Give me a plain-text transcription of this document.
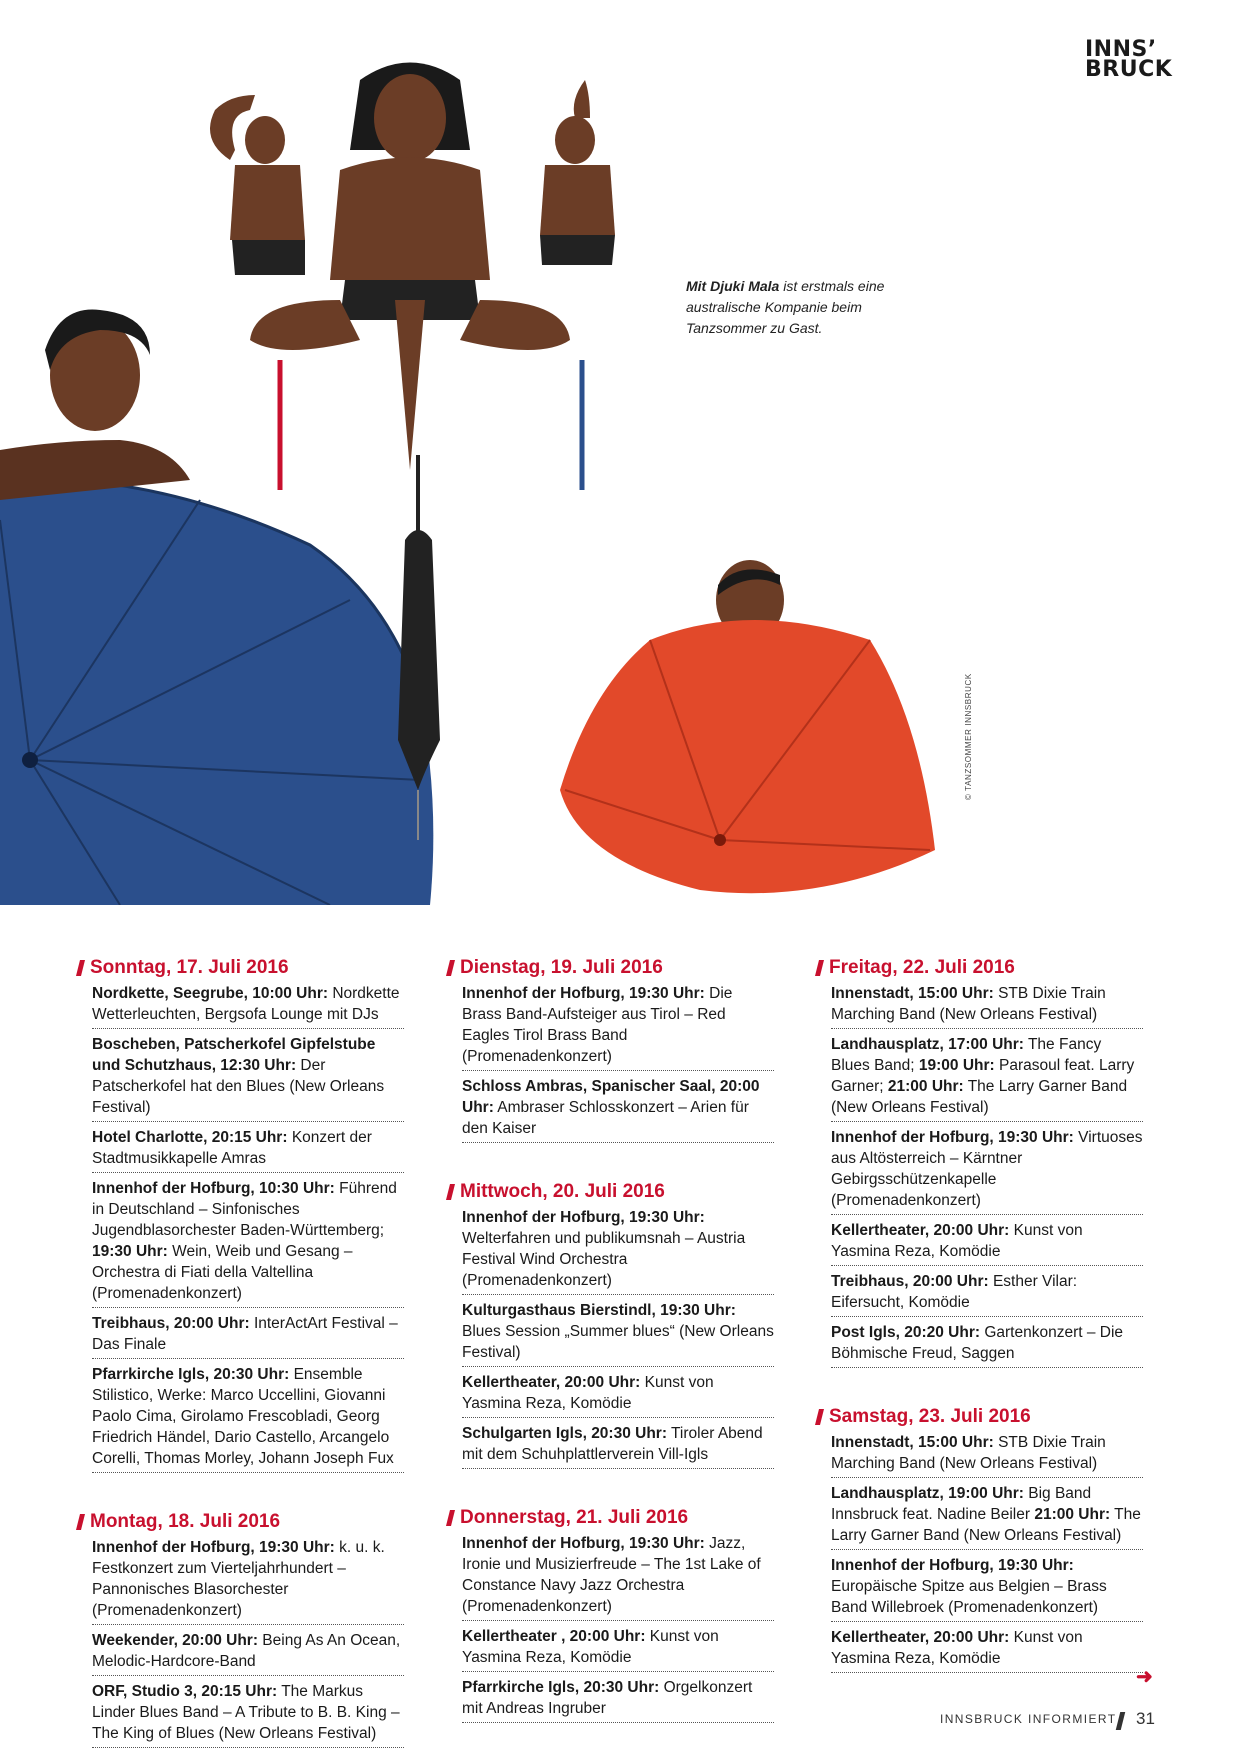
Mit Djuki Mala ist erstmals eine australische Kompanie beim Tanzsommer zu Gast.
© TANZSOMMER INNSBRUCK
INNS’
BRUCK
Sonntag, 17. Juli 2016
Nordkette, Seegrube, 10:00 Uhr: Nordkette Wetterleuchten, Bergsofa Lounge mit DJs
Boscheben, Patscherkofel Gipfelstube und Schutzhaus, 12:30 Uhr: Der Patscherkofel hat den Blues (New Orleans Festival)
Hotel Charlotte, 20:15 Uhr: Konzert der Stadtmusikkapelle Amras
Innenhof der Hofburg, 10:30 Uhr: Führend in Deutschland – Sinfonisches Jugendblasorchester Baden-Württemberg; 19:30 Uhr: Wein, Weib und Gesang – Orchestra di Fiati della Valtellina (Promenadenkonzert)
Treibhaus, 20:00 Uhr: InterActArt Festival – Das Finale
Pfarrkirche Igls, 20:30 Uhr: Ensemble Stilistico, Werke: Marco Uccellini, Giovanni Paolo Cima, Girolamo Frescobladi, Georg Friedrich Händel, Dario Castello, Arcangelo Corelli, Thomas Morley, Johann Joseph Fux
Montag, 18. Juli 2016
Innenhof der Hofburg, 19:30 Uhr: k. u. k. Festkonzert zum Vierteljahrhundert – Pannonisches Blasorchester (Promenadenkonzert)
Weekender, 20:00 Uhr: Being As An Ocean, Melodic-Hardcore-Band
ORF, Studio 3, 20:15 Uhr: The Markus Linder Blues Band – A Tribute to B. B. King – The King of Blues (New Orleans Festival)
Dienstag, 19. Juli 2016
Innenhof der Hofburg, 19:30 Uhr: Die Brass Band-Aufsteiger aus Tirol – Red Eagles Tirol Brass Band (Promenadenkonzert)
Schloss Ambras, Spanischer Saal, 20:00 Uhr: Ambraser Schlosskonzert – Arien für den Kaiser
Mittwoch, 20. Juli 2016
Innenhof der Hofburg, 19:30 Uhr: Welterfahren und publikumsnah – Austria Festival Wind Orchestra (Promenadenkonzert)
Kulturgasthaus Bierstindl, 19:30 Uhr: Blues Session „Summer blues“ (New Orleans Festival)
Kellertheater, 20:00 Uhr: Kunst von Yasmina Reza, Komödie
Schulgarten Igls, 20:30 Uhr: Tiroler Abend mit dem Schuhplattlerverein Vill-Igls
Donnerstag, 21. Juli 2016
Innenhof der Hofburg, 19:30 Uhr: Jazz, Ironie und Musizierfreude – The 1st Lake of Constance Navy Jazz Orchestra (Promenadenkonzert)
Kellertheater , 20:00 Uhr: Kunst von Yasmina Reza, Komödie
Pfarrkirche Igls, 20:30 Uhr: Orgelkonzert mit Andreas Ingruber
Freitag, 22. Juli 2016
Innenstadt, 15:00 Uhr: STB Dixie Train Marching Band (New Orleans Festival)
Landhausplatz, 17:00 Uhr: The Fancy Blues Band; 19:00 Uhr: Parasoul feat. Larry Garner; 21:00 Uhr: The Larry Garner Band (New Orleans Festival)
Innenhof der Hofburg, 19:30 Uhr: Virtuoses aus Altösterreich – Kärntner Gebirgsschützenkapelle (Promenadenkonzert)
Kellertheater, 20:00 Uhr: Kunst von Yasmina Reza, Komödie
Treibhaus, 20:00 Uhr: Esther Vilar: Eifersucht, Komödie
Post Igls, 20:20 Uhr: Gartenkonzert – Die Böhmische Freud, Saggen
Samstag, 23. Juli 2016
Innenstadt, 15:00 Uhr: STB Dixie Train Marching Band (New Orleans Festival)
Landhausplatz, 19:00 Uhr: Big Band Innsbruck feat. Nadine Beiler 21:00 Uhr: The Larry Garner Band (New Orleans Festival)
Innenhof der Hofburg, 19:30 Uhr: Europäische Spitze aus Belgien – Brass Band Willebroek (Promenadenkonzert)
Kellertheater, 20:00 Uhr: Kunst von Yasmina Reza, Komödie
➜
INNSBRUCK INFORMIERT 31
